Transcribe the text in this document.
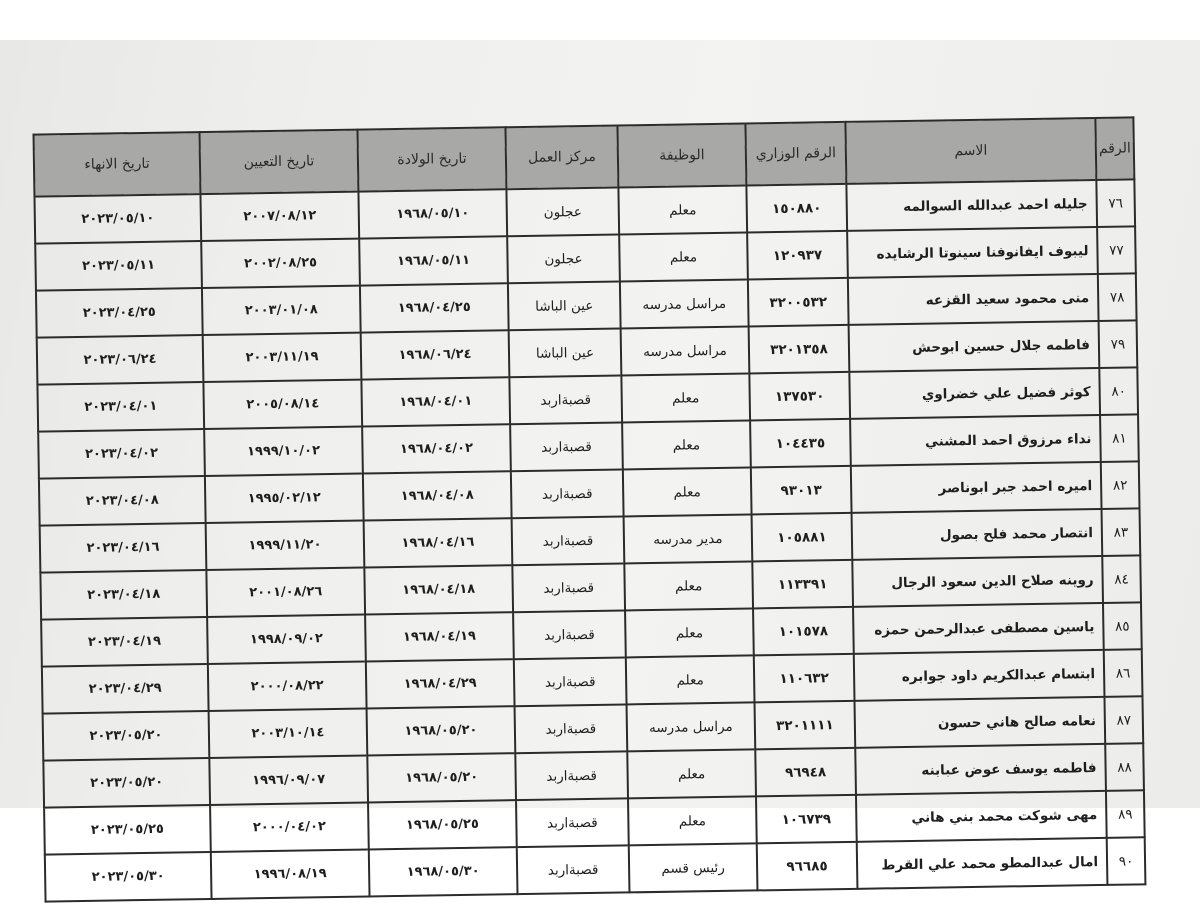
الرقم	الاسم	الرقم الوزاري	الوظيفة	مركز العمل	تاريخ الولادة	تاريخ التعيين	تاريخ الانهاء
٧٦	جليله احمد عبدالله السوالمه	١٥٠٨٨٠	معلم	عجلون	١٩٦٨/٠٥/١٠	٢٠٠٧/٠٨/١٢	٢٠٢٣/٠٥/١٠
٧٧	ليبوف ايفانوفنا سينوتا الرشايده	١٢٠٩٣٧	معلم	عجلون	١٩٦٨/٠٥/١١	٢٠٠٢/٠٨/٢٥	٢٠٢٣/٠٥/١١
٧٨	منى محمود سعيد القزعه	٣٢٠٠٥٣٢	مراسل مدرسه	عين الباشا	١٩٦٨/٠٤/٢٥	٢٠٠٣/٠١/٠٨	٢٠٢٣/٠٤/٢٥
٧٩	فاطمه جلال حسين ابوحش	٣٢٠١٣٥٨	مراسل مدرسه	عين الباشا	١٩٦٨/٠٦/٢٤	٢٠٠٣/١١/١٩	٢٠٢٣/٠٦/٢٤
٨٠	كوثر فضيل علي خضراوي	١٣٧٥٣٠	معلم	قصبةاربد	١٩٦٨/٠٤/٠١	٢٠٠٥/٠٨/١٤	٢٠٢٣/٠٤/٠١
٨١	نداء مرزوق احمد المشني	١٠٤٤٣٥	معلم	قصبةاربد	١٩٦٨/٠٤/٠٢	١٩٩٩/١٠/٠٢	٢٠٢٣/٠٤/٠٢
٨٢	اميره احمد جبر ابوناصر	٩٣٠١٣	معلم	قصبةاربد	١٩٦٨/٠٤/٠٨	١٩٩٥/٠٢/١٢	٢٠٢٣/٠٤/٠٨
٨٣	انتصار محمد فلح بصول	١٠٥٨٨١	مدير مدرسه	قصبةاربد	١٩٦٨/٠٤/١٦	١٩٩٩/١١/٢٠	٢٠٢٣/٠٤/١٦
٨٤	روينه صلاح الدين سعود الرجال	١١٣٣٩١	معلم	قصبةاربد	١٩٦٨/٠٤/١٨	٢٠٠١/٠٨/٢٦	٢٠٢٣/٠٤/١٨
٨٥	ياسين مصطفى عبدالرحمن حمزه	١٠١٥٧٨	معلم	قصبةاربد	١٩٦٨/٠٤/١٩	١٩٩٨/٠٩/٠٢	٢٠٢٣/٠٤/١٩
٨٦	ابتسام عبدالكريم داود جوابره	١١٠٦٣٢	معلم	قصبةاربد	١٩٦٨/٠٤/٢٩	٢٠٠٠/٠٨/٢٢	٢٠٢٣/٠٤/٢٩
٨٧	نعامه صالح هاني حسون	٣٢٠١١١١	مراسل مدرسه	قصبةاربد	١٩٦٨/٠٥/٢٠	٢٠٠٣/١٠/١٤	٢٠٢٣/٠٥/٢٠
٨٨	فاطمه يوسف عوض عبابنه	٩٦٩٤٨	معلم	قصبةاربد	١٩٦٨/٠٥/٢٠	١٩٩٦/٠٩/٠٧	٢٠٢٣/٠٥/٢٠
٨٩	مهى شوكت محمد بني هاني	١٠٦٧٣٩	معلم	قصبةاربد	١٩٦٨/٠٥/٢٥	٢٠٠٠/٠٤/٠٢	٢٠٢٣/٠٥/٢٥
٩٠	امال عبدالمطو محمد علي القرط	٩٦٦٨٥	رئيس قسم	قصبةاربد	١٩٦٨/٠٥/٣٠	١٩٩٦/٠٨/١٩	٢٠٢٣/٠٥/٣٠
